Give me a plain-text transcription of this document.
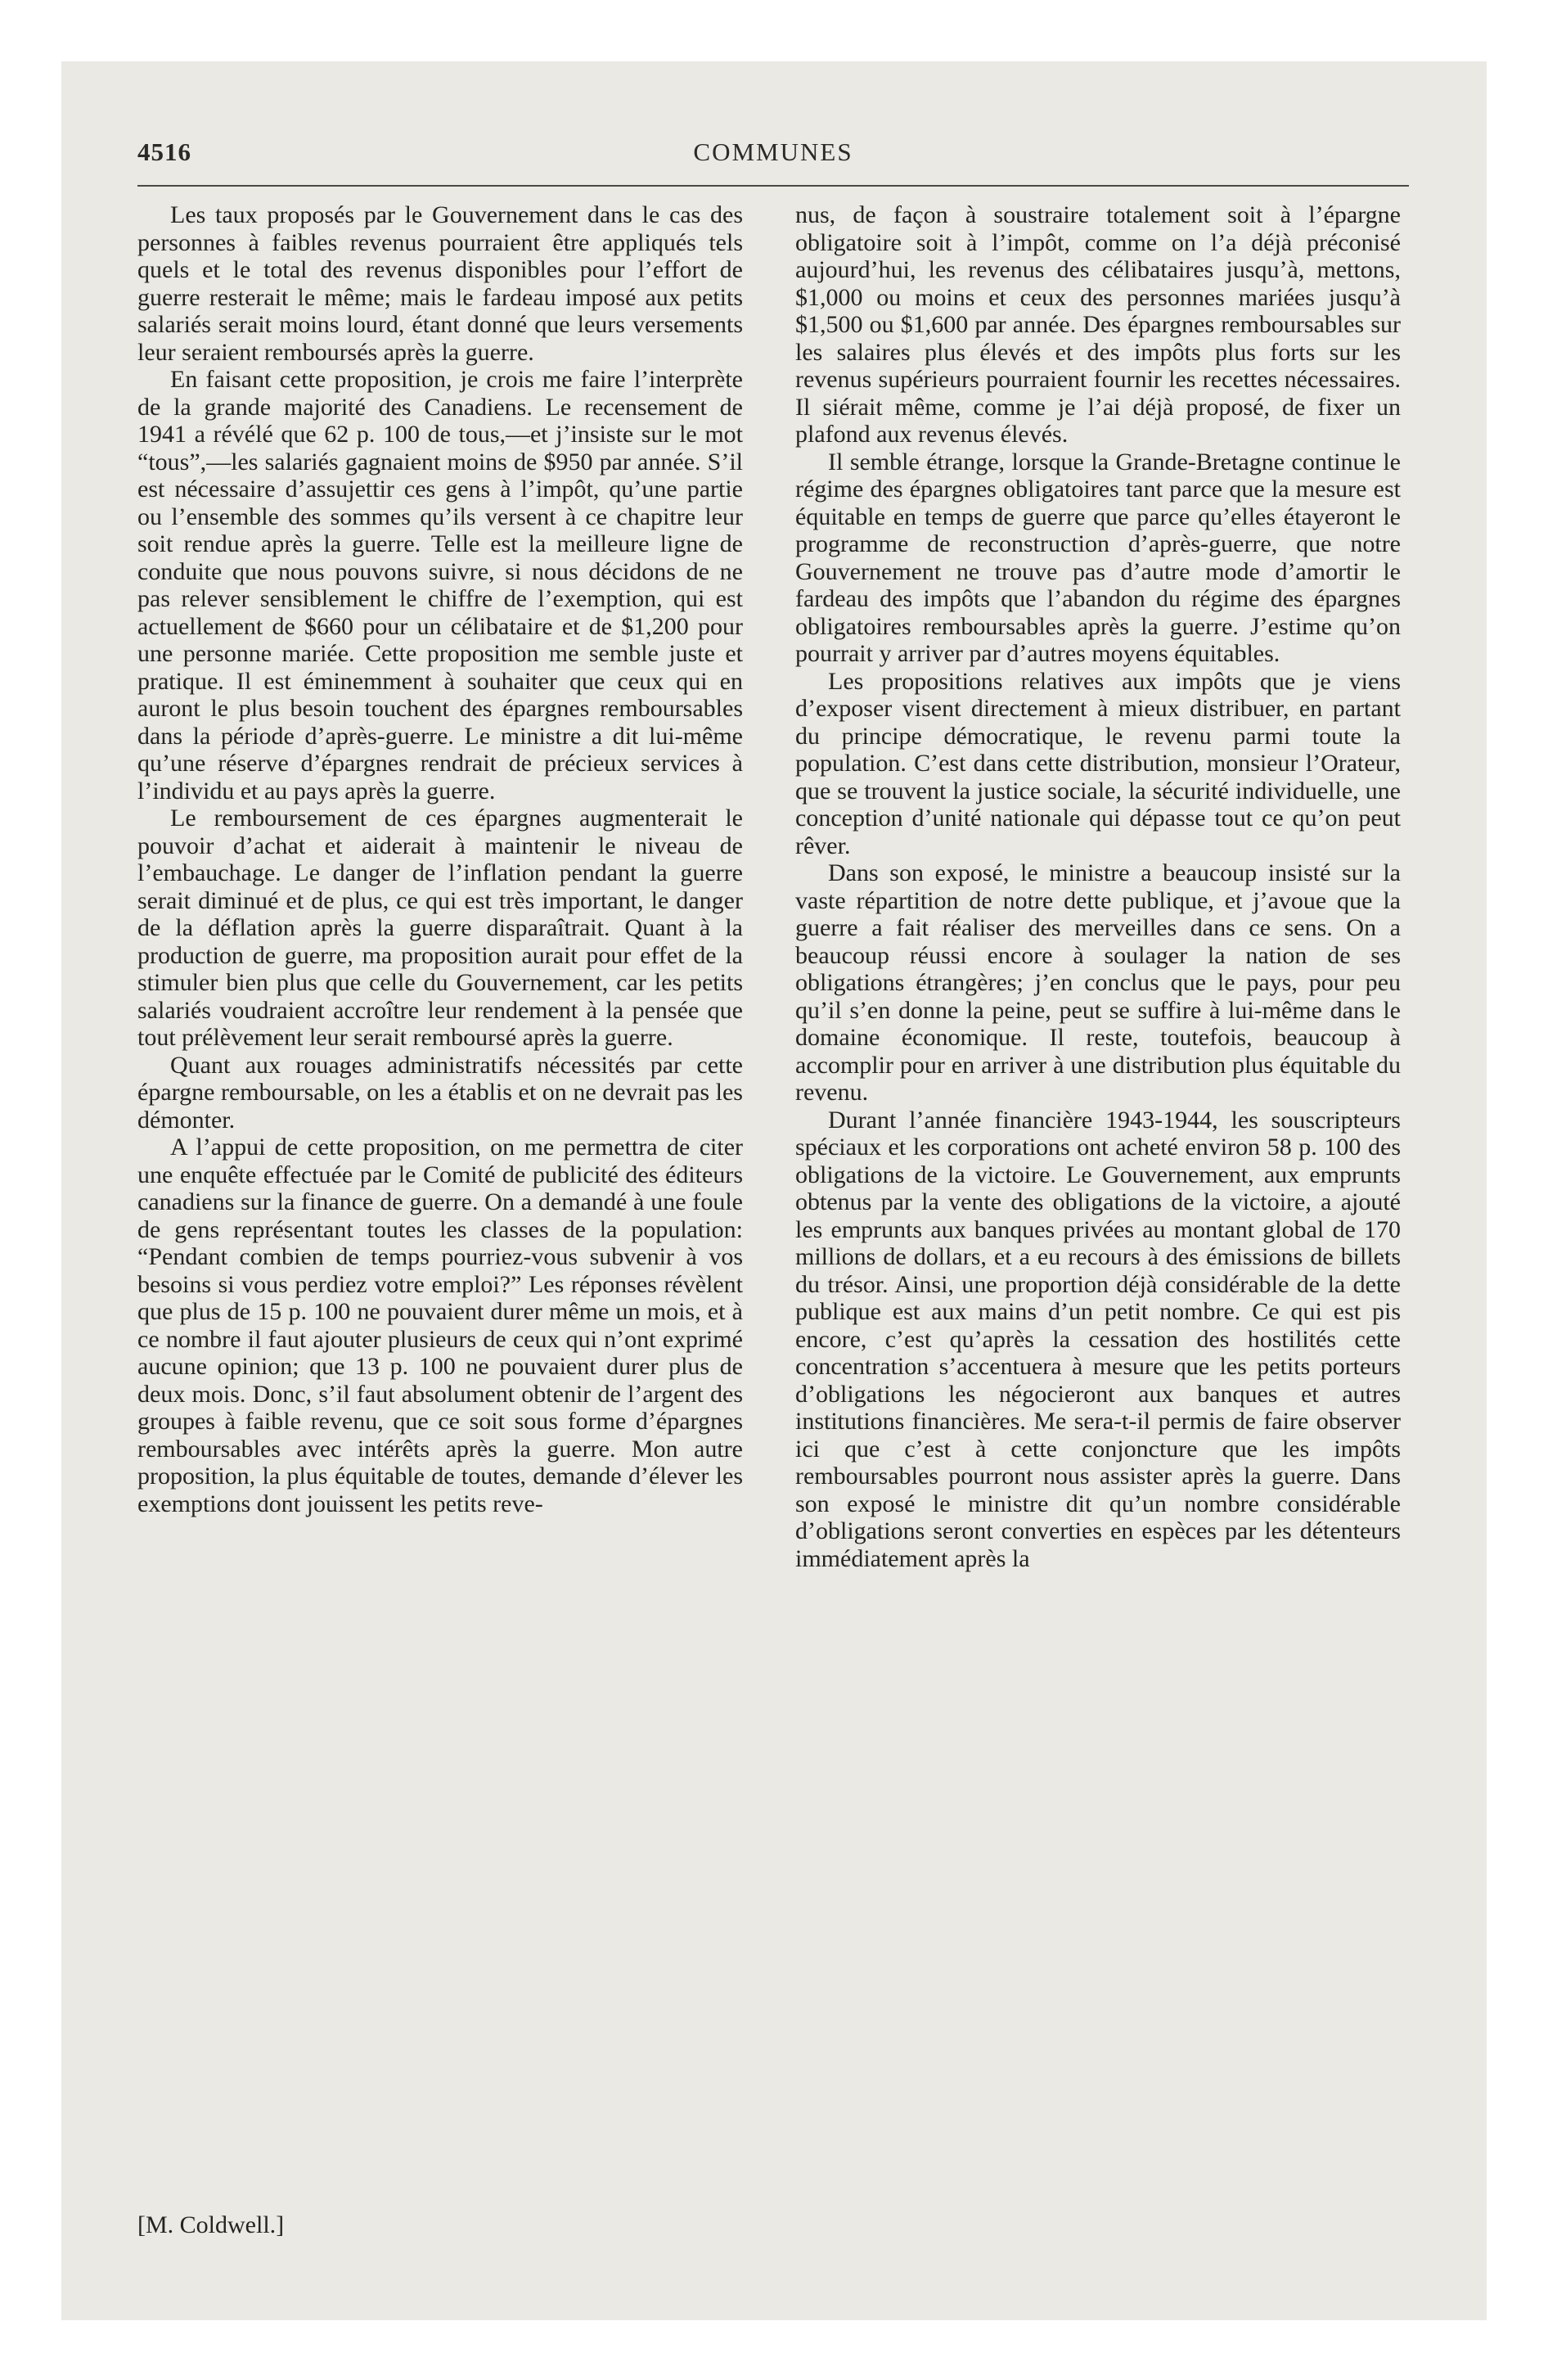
4516	COMMUNES

Les taux proposés par le Gouvernement dans le cas des personnes à faibles revenus pourraient être appliqués tels quels et le total des revenus disponibles pour l’effort de guerre resterait le même; mais le fardeau imposé aux petits salariés serait moins lourd, étant donné que leurs versements leur seraient remboursés après la guerre.

En faisant cette proposition, je crois me faire l’interprète de la grande majorité des Canadiens. Le recensement de 1941 a révélé que 62 p. 100 de tous,—et j’insiste sur le mot “tous”,—les salariés gagnaient moins de $950 par année. S’il est nécessaire d’assujettir ces gens à l’impôt, qu’une partie ou l’ensemble des sommes qu’ils versent à ce chapitre leur soit rendue après la guerre. Telle est la meilleure ligne de conduite que nous pouvons suivre, si nous décidons de ne pas relever sensiblement le chiffre de l’exemption, qui est actuellement de $660 pour un célibataire et de $1,200 pour une personne mariée. Cette proposition me semble juste et pratique. Il est éminemment à souhaiter que ceux qui en auront le plus besoin touchent des épargnes remboursables dans la période d’après-guerre. Le ministre a dit lui-même qu’une réserve d’épargnes rendrait de précieux services à l’individu et au pays après la guerre.

Le remboursement de ces épargnes augmenterait le pouvoir d’achat et aiderait à maintenir le niveau de l’embauchage. Le danger de l’inflation pendant la guerre serait diminué et de plus, ce qui est très important, le danger de la déflation après la guerre disparaîtrait. Quant à la production de guerre, ma proposition aurait pour effet de la stimuler bien plus que celle du Gouvernement, car les petits salariés voudraient accroître leur rendement à la pensée que tout prélèvement leur serait remboursé après la guerre.

Quant aux rouages administratifs nécessités par cette épargne remboursable, on les a établis et on ne devrait pas les démonter.

A l’appui de cette proposition, on me permettra de citer une enquête effectuée par le Comité de publicité des éditeurs canadiens sur la finance de guerre. On a demandé à une foule de gens représentant toutes les classes de la population: “Pendant combien de temps pourriez-vous subvenir à vos besoins si vous perdiez votre emploi?” Les réponses révèlent que plus de 15 p. 100 ne pouvaient durer même un mois, et à ce nombre il faut ajouter plusieurs de ceux qui n’ont exprimé aucune opinion; que 13 p. 100 ne pouvaient durer plus de deux mois. Donc, s’il faut absolument obtenir de l’argent des groupes à faible revenu, que ce soit sous forme d’épargnes remboursables avec intérêts après la guerre. Mon autre proposition, la plus équitable de toutes, demande d’élever les exemptions dont jouissent les petits reve-

nus, de façon à soustraire totalement soit à l’épargne obligatoire soit à l’impôt, comme on l’a déjà préconisé aujourd’hui, les revenus des célibataires jusqu’à, mettons, $1,000 ou moins et ceux des personnes mariées jusqu’à $1,500 ou $1,600 par année. Des épargnes remboursables sur les salaires plus élevés et des impôts plus forts sur les revenus supérieurs pourraient fournir les recettes nécessaires. Il siérait même, comme je l’ai déjà proposé, de fixer un plafond aux revenus élevés.

Il semble étrange, lorsque la Grande-Bretagne continue le régime des épargnes obligatoires tant parce que la mesure est équitable en temps de guerre que parce qu’elles étayeront le programme de reconstruction d’après-guerre, que notre Gouvernement ne trouve pas d’autre mode d’amortir le fardeau des impôts que l’abandon du régime des épargnes obligatoires remboursables après la guerre. J’estime qu’on pourrait y arriver par d’autres moyens équitables.

Les propositions relatives aux impôts que je viens d’exposer visent directement à mieux distribuer, en partant du principe démocratique, le revenu parmi toute la population. C’est dans cette distribution, monsieur l’Orateur, que se trouvent la justice sociale, la sécurité individuelle, une conception d’unité nationale qui dépasse tout ce qu’on peut rêver.

Dans son exposé, le ministre a beaucoup insisté sur la vaste répartition de notre dette publique, et j’avoue que la guerre a fait réaliser des merveilles dans ce sens. On a beaucoup réussi encore à soulager la nation de ses obligations étrangères; j’en conclus que le pays, pour peu qu’il s’en donne la peine, peut se suffire à lui-même dans le domaine économique. Il reste, toutefois, beaucoup à accomplir pour en arriver à une distribution plus équitable du revenu.

Durant l’année financière 1943-1944, les souscripteurs spéciaux et les corporations ont acheté environ 58 p. 100 des obligations de la victoire. Le Gouvernement, aux emprunts obtenus par la vente des obligations de la victoire, a ajouté les emprunts aux banques privées au montant global de 170 millions de dollars, et a eu recours à des émissions de billets du trésor. Ainsi, une proportion déjà considérable de la dette publique est aux mains d’un petit nombre. Ce qui est pis encore, c’est qu’après la cessation des hostilités cette concentration s’accentuera à mesure que les petits porteurs d’obligations les négocieront aux banques et autres institutions financières. Me sera-t-il permis de faire observer ici que c’est à cette conjoncture que les impôts remboursables pourront nous assister après la guerre. Dans son exposé le ministre dit qu’un nombre considérable d’obligations seront converties en espèces par les détenteurs immédiatement après la

[M. Coldwell.]
